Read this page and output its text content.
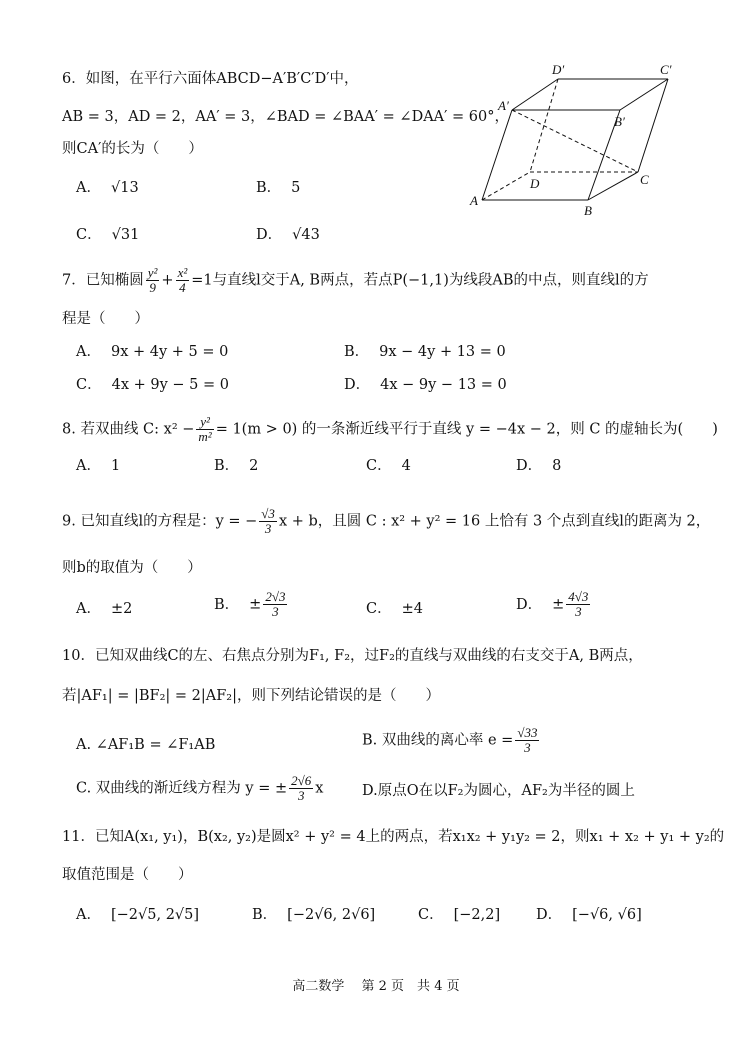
6．如图，在平行六面体ABCD−A′B′C′D′中，
AB = 3，AD = 2，AA′ = 3，∠BAD = ∠BAA′ = ∠DAA′ = 60°，
则CA′的长为（　　）
A． √13	B． 5
C． √31	D． √43
D′	C′
A′
B′
D	C
A
B
7．已知椭圆 $\frac{\text{y²}}{9} + \frac{\text{x²}}{4} =1$与直线l交于A, B两点，若点P(−1,1)为线段AB的中点，则直线l的方
程是（　　）
A． 9x + 4y + 5 = 0	B． 9x − 4y + 13 = 0
C． 4x + 9y − 5 = 0	D． 4x − 9y − 13 = 0
8. 若双曲线 C: $x^2 - \frac{\text{y²}}{\text{m²}} = 1(m > 0)$ 的一条渐近线平行于直线 y = −4x − 2，则 C 的虚轴长为(　　)
A． 1	B． 2	C． 4	D． 8
9. 已知直线l的方程是：y = − $\frac{√3}{3}$ x + b，且圆 C : x² + y² = 16 上恰有 3 个点到直线l的距离为 2，
则b的取值为（　　）
A． ±2	B． ± $\frac{2√3}{3}$	C． ±4	D． ± $\frac{4√3}{3}$
10．已知双曲线C的左、右焦点分别为F₁, F₂，过F₂的直线与双曲线的右支交于A, B两点，
若|AF₁| = |BF₂| = 2|AF₂|，则下列结论错误的是（　　）
A. ∠AF₁B = ∠F₁AB	B. 双曲线的离心率 $e = \frac{√33}{3}$
C. 双曲线的渐近线方程为 y = ± $\frac{2√6}{3}$ x	D.原点O在以F₂为圆心，AF₂为半径的圆上
11．已知A(x₁, y₁)，B(x₂, y₂)是圆x² + y² = 4上的两点，若x₁x₂ + y₁y₂ = 2，则x₁ + x₂ + y₁ + y₂的
取值范围是（　　）
A． [−2√5, 2√5]	B． [−2√6, 2√6]	C． [−2,2] D． [−√6, √6]
高二数学　 第 2 页　共 4 页
